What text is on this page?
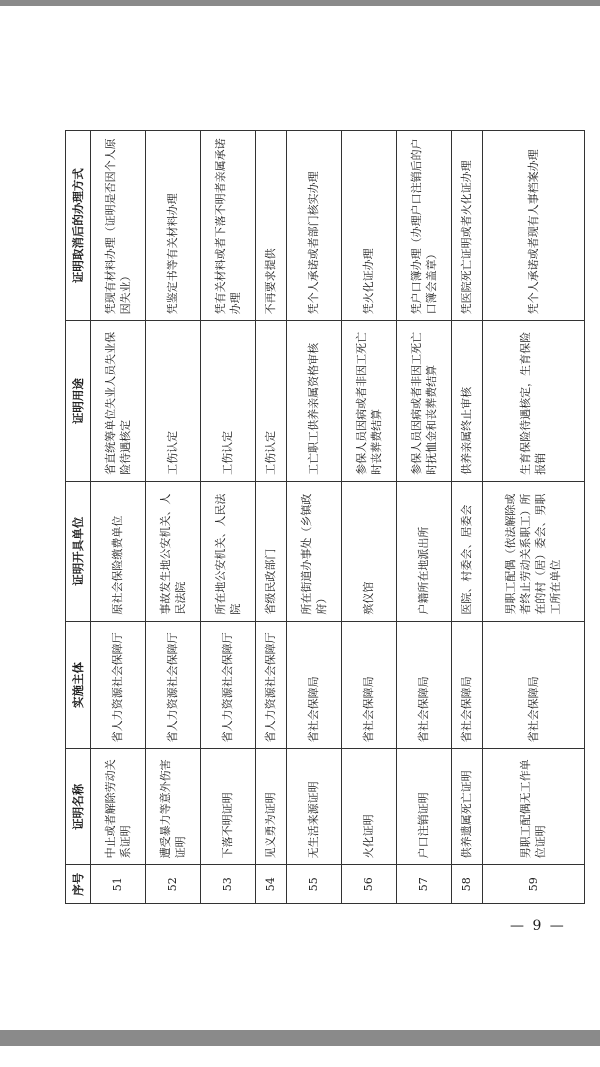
序号	证明名称	实施主体	证明开具单位	证明用途	证明取消后的办理方式
51	中止或者解除劳动关系证明	省人力资源社会保障厅	原社会保险缴费单位	省直统筹单位失业人员失业保险待遇核定	凭现有材料办理（证明是否因个人原因失业）
52	遭受暴力等意外伤害证明	省人力资源社会保障厅	事故发生地公安机关、人民法院	工伤认定	凭鉴定书等有关材料办理
53	下落不明证明	省人力资源社会保障厅	所在地公安机关、人民法院	工伤认定	凭有关材料或者下落不明者亲属承诺办理
54	见义勇为证明	省人力资源社会保障厅	省级民政部门	工伤认定	不再要求提供
55	无生活来源证明	省社会保障局	所在街道办事处（乡镇政府）	工亡职工供养亲属资格审核	凭个人承诺或者部门核实办理
56	火化证明	省社会保障局	殡仪馆	参保人员因病或者非因工死亡时丧葬费结算	凭火化证办理
57	户口注销证明	省社会保障局	户籍所在地派出所	参保人员因病或者非因工死亡时抚恤金和丧葬费结算	凭户口簿办理（办理户口注销后的户口簿会盖章）
58	供养遗属死亡证明	省社会保障局	医院、村委会、居委会	供养亲属终止审核	凭医院死亡证明或者火化证办理
59	男职工配偶无工作单位证明	省社会保障局	男职工配偶（依法解除或者终止劳动关系职工）所在的村（居）委会、男职工所在单位	生育保险待遇核定，生育保险报销	凭个人承诺或者现有人事档案办理
— 9 —
